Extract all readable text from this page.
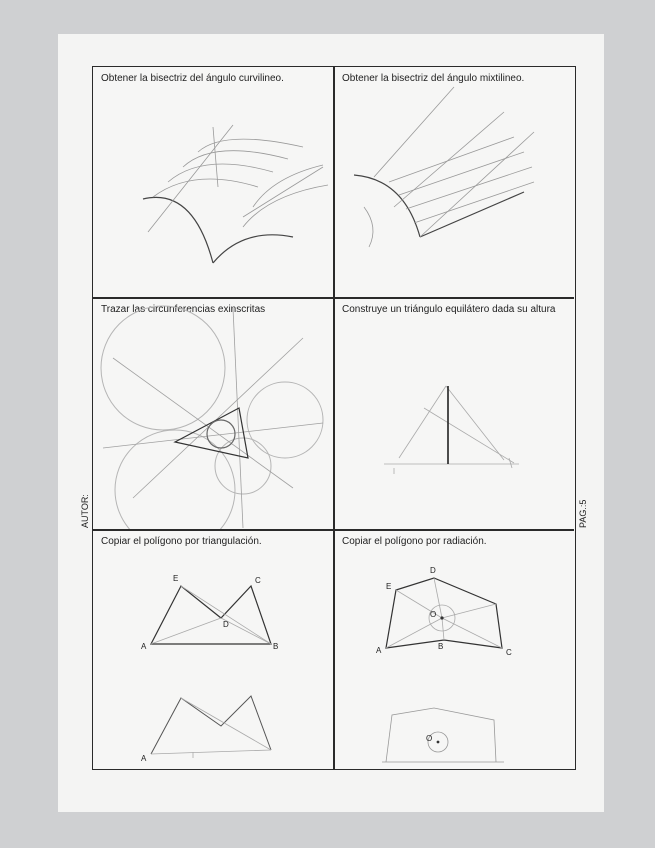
Obtener la bisectriz del ángulo curvilineo.	Obtener la bisectriz del ángulo mixtilineo.
Trazar las circunferencias exinscritas	Construye un triángulo equilátero dada su altura
Copiar el polígono por triangulación.
E	C
D
A	B
A
Copiar el polígono por radiación.
D
E
O
A	B
C
O
AUTOR:	PAG.:5
